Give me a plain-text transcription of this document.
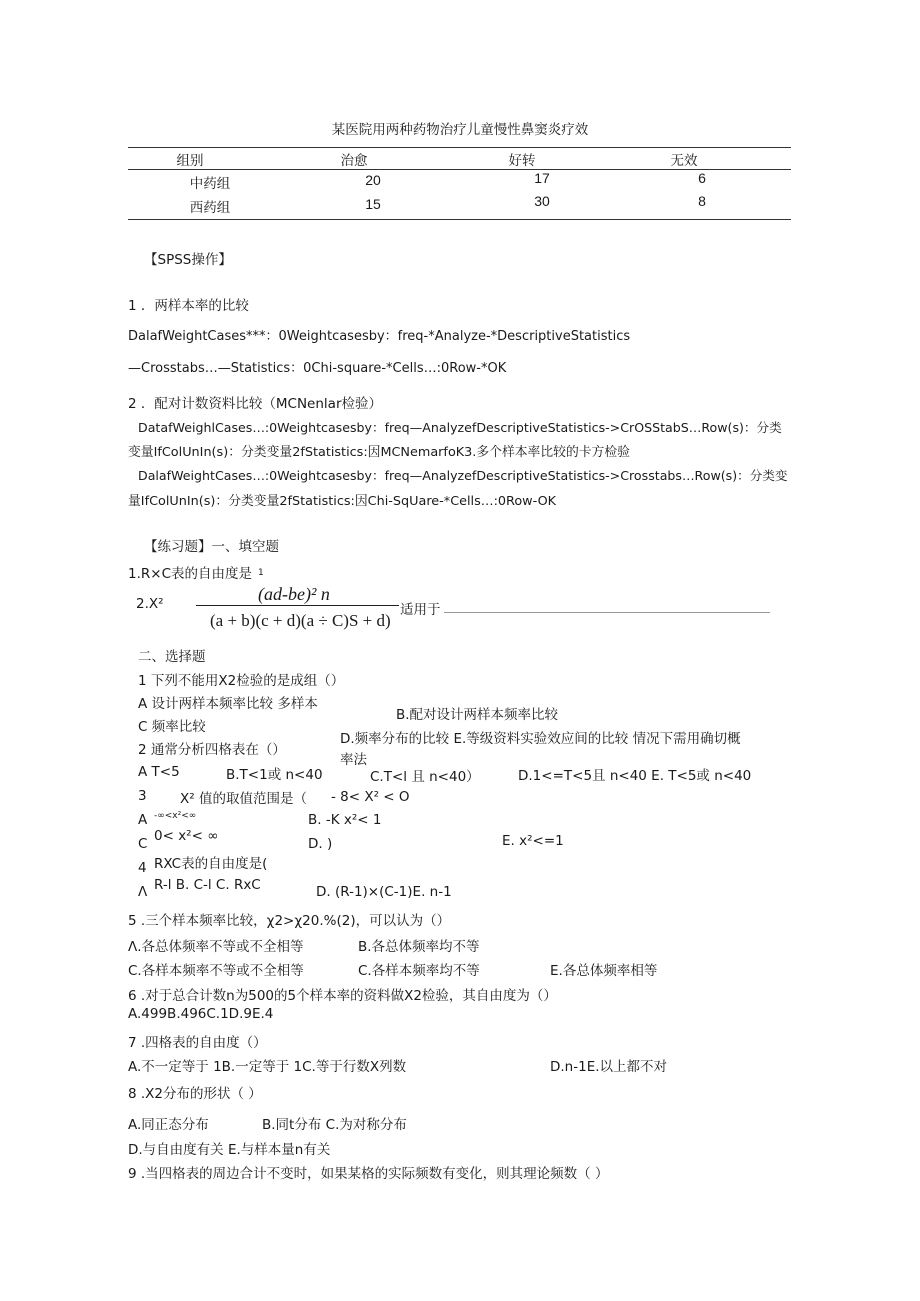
某医院用两种药物治疗儿童慢性鼻窦炎疗效
组别	治愈	好转	无效
中药组	20	17	6
西药组	15	30	8
【SPSS操作】
1 ．两样本率的比较
DalafWeightCases***：0Weightcasesby：freq-*Analyze-*DescriptiveStatistics
—Crosstabs…—Statistics：0Chi-square-*Cells…:0Row-*OK
2 ．配对计数资料比较（MCNenlar检验）
DatafWeighlCases…:0Weightcasesby：freq—AnalyzefDescriptiveStatistics->CrOSStabS…Row(s)：分类
变量IfColUnIn(s)：分类变量2fStatistics:因MCNemarfoK3.多个样本率比较的卡方检验
DalafWeightCases…:0Weightcasesby：freq—AnalyzefDescriptiveStatistics->Crosstabs…Row(s)：分类变
量IfColUnIn(s)：分类变量2fStatistics:因Chi-SqUare-*Cells…:0Row-OK
【练习题】一、填空题
1.R×C表的自由度是 1
2.X²	(ad-be)² n
(a + b)(c + d)(a ÷ C)S + d)
适用于
二、选择题
1 下列不能用X2检验的是成组（）
A 设计两样本频率比较 多样本
B.配对设计两样本频率比较
C 频率比较
D.频率分布的比较 E.等级资料实验效应间的比较 情况下需用确切概
率法
2 通常分析四格表在（）
A T<5	B.T<1或 n<40	C.T<l 且 n<40）	D.1<=T<5且 n<40 E. T<5或 n<40
3 X² 值的取值范围是（ - 8< X² < O
A -∞<x²<∞	B. -K x²< 1
C 0< x²< ∞	D. )	E. x²<=1
4 RXC表的自由度是(
Λ R-l B. C-l C. RxC	D. (R-1)×(C-1)E. n-1
5 .三个样本频率比较，χ2>χ20.%(2)，可以认为（）
Λ.各总体频率不等或不全相等	B.各总体频率均不等
C.各样本频率不等或不全相等	C.各样本频率均不等	E.各总体频率相等
6 .对于总合计数n为500的5个样本率的资料做X2检验，其自由度为（）
A.499B.496C.1D.9E.4
7 .四格表的自由度（）
A.不一定等于 1B.一定等于 1C.等于行数X列数	D.n-1E.以上都不对
8 .X2分布的形状（ ）
A.同正态分布	B.同t分布 C.为对称分布
D.与自由度有关 E.与样本量n有关
9 .当四格表的周边合计不变时，如果某格的实际频数有变化，则其理论频数（ ）
